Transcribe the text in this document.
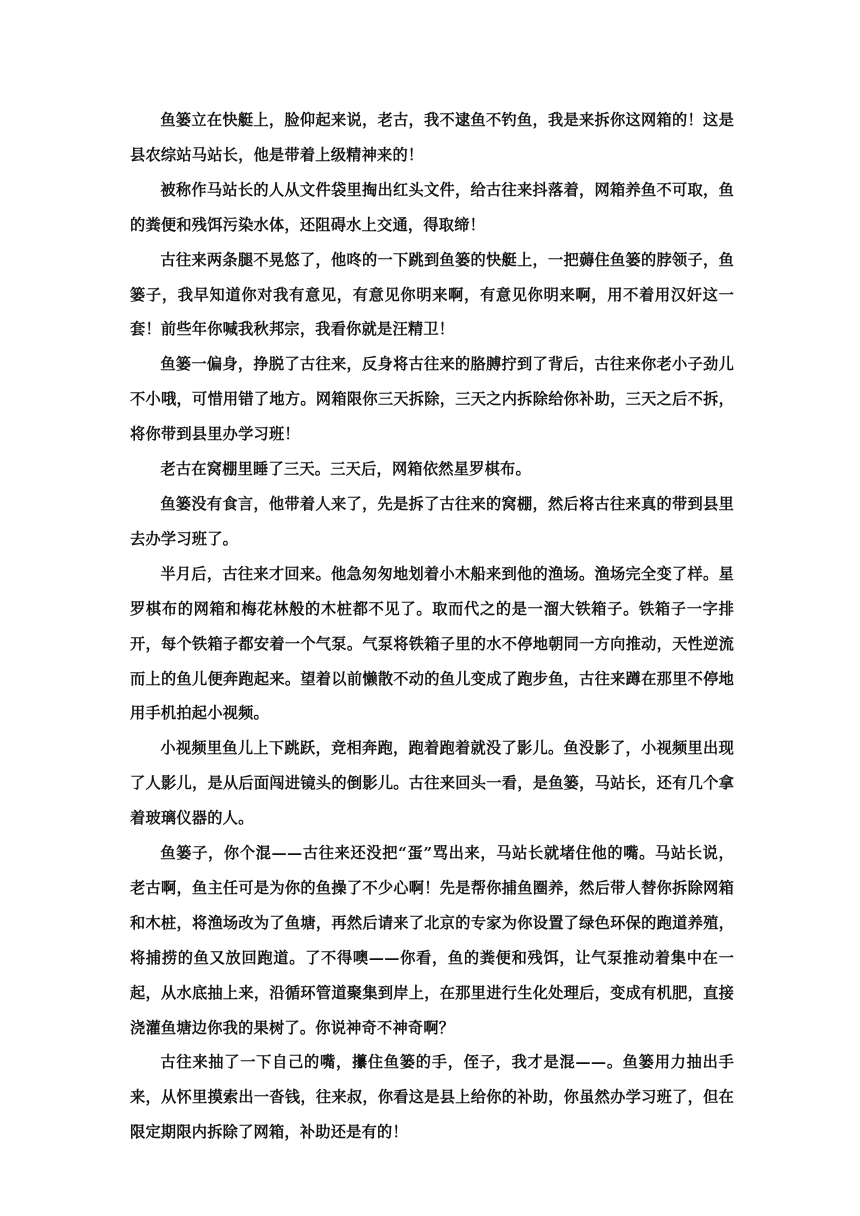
鱼篓立在快艇上，脸仰起来说，老古，我不逮鱼不钓鱼，我是来拆你这网箱的！这是县农综站马站长，他是带着上级精神来的！

被称作马站长的人从文件袋里掏出红头文件，给古往来抖落着，网箱养鱼不可取，鱼的粪便和残饵污染水体，还阻碍水上交通，得取缔！

古往来两条腿不晃悠了，他咚的一下跳到鱼篓的快艇上，一把薅住鱼篓的脖领子，鱼篓子，我早知道你对我有意见，有意见你明来啊，有意见你明来啊，用不着用汉奸这一套！前些年你喊我秋邦宗，我看你就是汪精卫！

鱼篓一偏身，挣脱了古往来，反身将古往来的胳膊拧到了背后，古往来你老小子劲儿不小哦，可惜用错了地方。网箱限你三天拆除，三天之内拆除给你补助，三天之后不拆，将你带到县里办学习班！

老古在窝棚里睡了三天。三天后，网箱依然星罗棋布。

鱼篓没有食言，他带着人来了，先是拆了古往来的窝棚，然后将古往来真的带到县里去办学习班了。

半月后，古往来才回来。他急匆匆地划着小木船来到他的渔场。渔场完全变了样。星罗棋布的网箱和梅花林般的木桩都不见了。取而代之的是一溜大铁箱子。铁箱子一字排开，每个铁箱子都安着一个气泵。气泵将铁箱子里的水不停地朝同一方向推动，天性逆流而上的鱼儿便奔跑起来。望着以前懒散不动的鱼儿变成了跑步鱼，古往来蹲在那里不停地用手机拍起小视频。

小视频里鱼儿上下跳跃，竞相奔跑，跑着跑着就没了影儿。鱼没影了，小视频里出现了人影儿，是从后面闯进镜头的倒影儿。古往来回头一看，是鱼篓，马站长，还有几个拿着玻璃仪器的人。

鱼篓子，你个混——古往来还没把“蛋”骂出来，马站长就堵住他的嘴。马站长说，老古啊，鱼主任可是为你的鱼操了不少心啊！先是帮你捕鱼圈养，然后带人替你拆除网箱和木桩，将渔场改为了鱼塘，再然后请来了北京的专家为你设置了绿色环保的跑道养殖，将捕捞的鱼又放回跑道。了不得噢——你看，鱼的粪便和残饵，让气泵推动着集中在一起，从水底抽上来，沿循环管道聚集到岸上，在那里进行生化处理后，变成有机肥，直接浇灌鱼塘边你我的果树了。你说神奇不神奇啊？

古往来抽了一下自己的嘴，攥住鱼篓的手，侄子，我才是混——。鱼篓用力抽出手来，从怀里摸索出一沓钱，往来叔，你看这是县上给你的补助，你虽然办学习班了，但在限定期限内拆除了网箱，补助还是有的！
